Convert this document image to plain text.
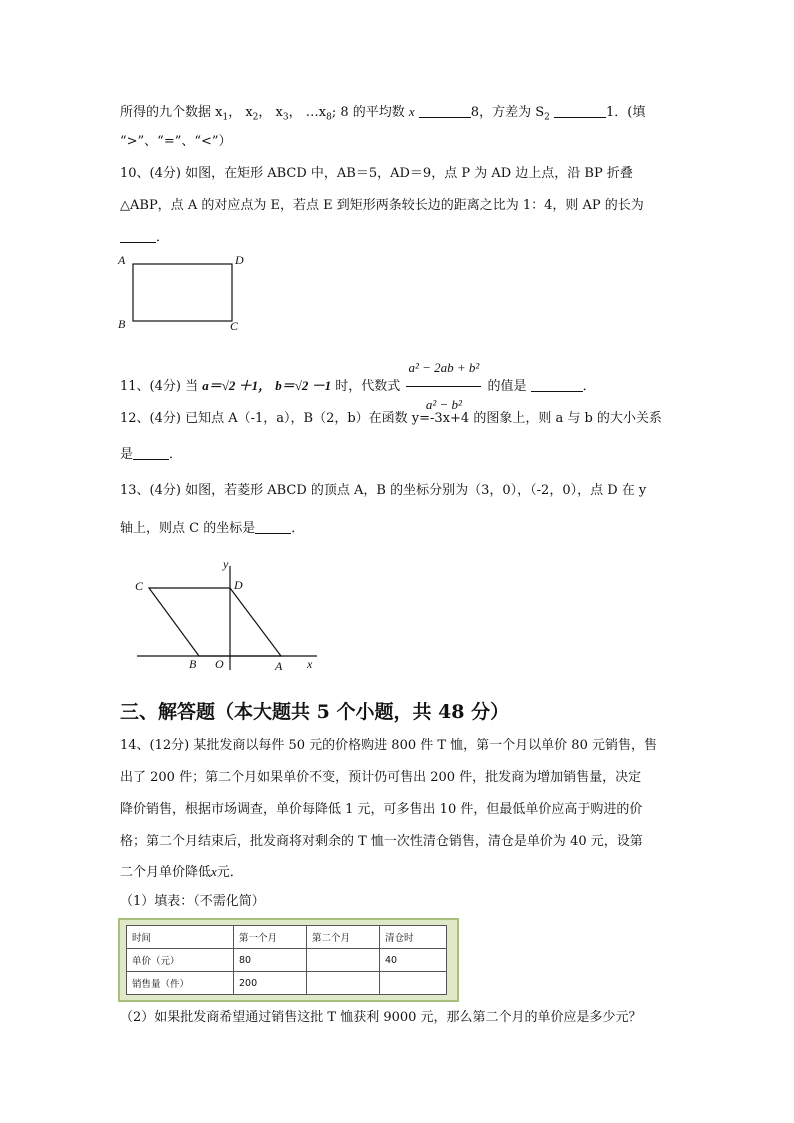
所得的九个数据 $x_1$， $x_2$， $x_3$， $\dots x_8$; 8 的平均数 x	8，方差为 $S_2$	1．(填
“>”、“=”、“<”）
10、(4分) 如图，在矩形 ABCD 中，AB＝5，AD＝9，点 P 为 AD 边上点，沿 BP 折叠
△ABP，点 A 的对应点为 E，若点 E 到矩形两条较长边的距离之比为 1：4，则 AP 的长为
．
A	D
B	C
11、(4分) 当 a＝√2 ＋1， b＝√2 －1 时，代数式 $\frac{\text{a² − 2ab + b²}}{\text{a² − b²}}$ 的值是	．
12、(4分) 已知点 A（-1，a），B（2，b）在函数 y=-3x+4 的图象上，则 a 与 b 的大小关系
是	．
13、(4分) 如图，若菱形 ABCD 的顶点 A，B 的坐标分别为（3，0），（-2，0），点 D 在 y
轴上，则点 C 的坐标是	．
y
C	D
B O	A x
三、解答题（本大题共 5 个小题，共 48 分）
14、(12分) 某批发商以每件 50 元的价格购进 800 件 T 恤，第一个月以单价 80 元销售，售
出了 200 件；第二个月如果单价不变，预计仍可售出 200 件，批发商为增加销售量，决定
降价销售，根据市场调查，单价每降低 1 元，可多售出 10 件，但最低单价应高于购进的价
格；第二个月结束后，批发商将对剩余的 T 恤一次性清仓销售，清仓是单价为 40 元，设第
二个月单价降低x元．
（1）填表：（不需化简）
时间	第一个月	第二个月	清仓时
单价（元）	80		40
销售量（件）	200		
（2）如果批发商希望通过销售这批 T 恤获利 9000 元，那么第二个月的单价应是多少元？
